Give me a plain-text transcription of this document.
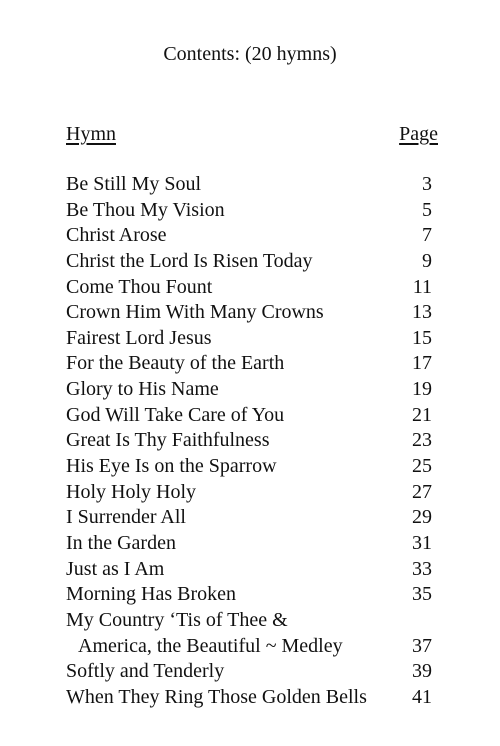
Contents: (20 hymns)
Hymn	Page
Be Still My Soul	3
Be Thou My Vision	5
Christ Arose	7
Christ the Lord Is Risen Today	9
Come Thou Fount	11
Crown Him With Many Crowns	13
Fairest Lord Jesus	15
For the Beauty of the Earth	17
Glory to His Name	19
God Will Take Care of You	21
Great Is Thy Faithfulness	23
His Eye Is on the Sparrow	25
Holy Holy Holy	27
I Surrender All	29
In the Garden	31
Just as I Am	33
Morning Has Broken	35
My Country ‘Tis of Thee &
America, the Beautiful ~ Medley	37
Softly and Tenderly	39
When They Ring Those Golden Bells 41
